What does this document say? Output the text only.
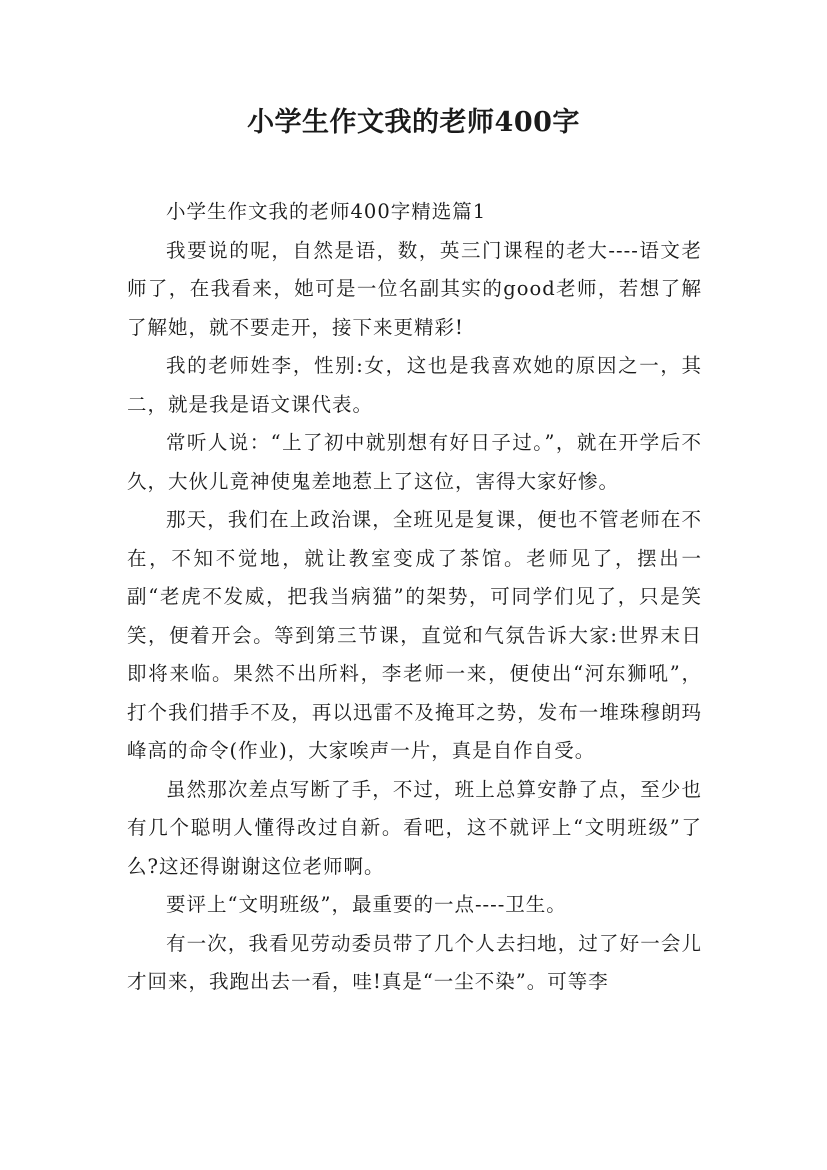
小学生作文我的老师400字

小学生作文我的老师400字精选篇1

我要说的呢，自然是语，数，英三门课程的老大----语文老师了，在我看来，她可是一位名副其实的good老师，若想了解了解她，就不要走开，接下来更精彩!

我的老师姓李，性别:女，这也是我喜欢她的原因之一，其二，就是我是语文课代表。

常听人说：“上了初中就别想有好日子过。”，就在开学后不久，大伙儿竟神使鬼差地惹上了这位，害得大家好惨。

那天，我们在上政治课，全班见是复课，便也不管老师在不在，不知不觉地，就让教室变成了茶馆。老师见了，摆出一副“老虎不发威，把我当病猫”的架势，可同学们见了，只是笑笑，便着开会。等到第三节课，直觉和气氛告诉大家:世界末日即将来临。果然不出所料，李老师一来，便使出“河东狮吼”，打个我们措手不及，再以迅雷不及掩耳之势，发布一堆珠穆朗玛峰高的命令(作业)，大家唉声一片，真是自作自受。

虽然那次差点写断了手，不过，班上总算安静了点，至少也有几个聪明人懂得改过自新。看吧，这不就评上“文明班级”了么?这还得谢谢这位老师啊。

要评上“文明班级”，最重要的一点----卫生。

有一次，我看见劳动委员带了几个人去扫地，过了好一会儿才回来，我跑出去一看，哇!真是“一尘不染”。可等李
